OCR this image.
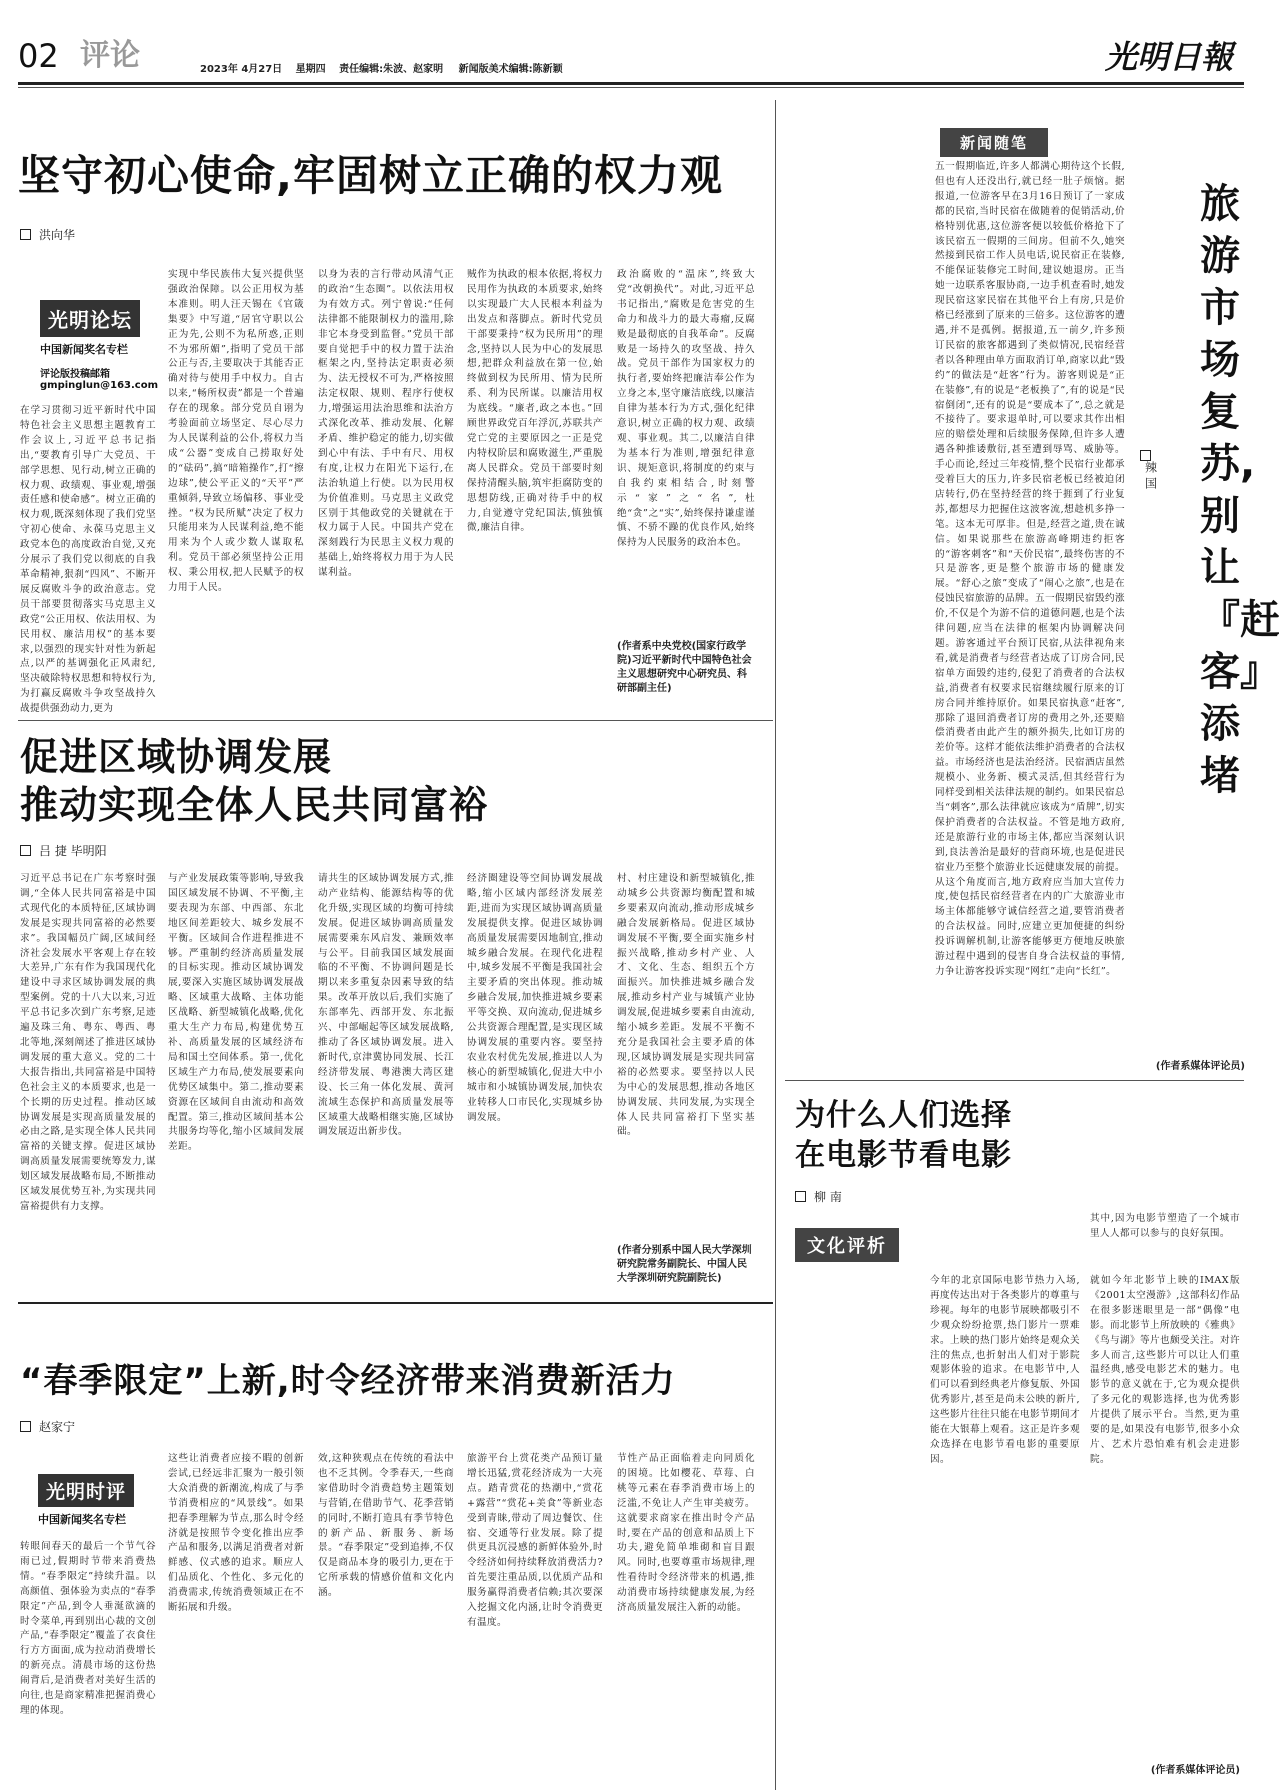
02 评论	2023年 4月27日 星期四 责任编辑:朱波、赵家明 新闻版美术编辑:陈新颖	光明日報
坚守初心使命,牢固树立正确的权力观
洪向华
光明论坛
中国新闻奖名专栏
评论版投稿邮箱
gmpinglun@163.com
在学习贯彻习近平新时代中国特色社会主义思想主题教育工作会议上,习近平总书记指出,“要教育引导广大党员、干部学思想、见行动,树立正确的权力观、政绩观、事业观,增强责任感和使命感”。树立正确的权力观,既深刻体现了我们党坚守初心使命、永葆马克思主义政党本色的高度政治自觉,又充分展示了我们党以彻底的自我革命精神,狠刹“四风”、不断开展反腐败斗争的政治意志。党员干部要贯彻落实马克思主义政党“公正用权、依法用权、为民用权、廉洁用权”的基本要求,以强烈的现实针对性为新起点,以严的基调强化正风肃纪,坚决破除特权思想和特权行为,为打赢反腐败斗争攻坚战持久战提供强劲动力,更为
实现中华民族伟大复兴提供坚强政治保障。以公正用权为基本准则。明人汪天锡在《官箴集要》中写道,“居官守职以公正为先,公则不为私所惑,正则不为邪所媚”,指明了党员干部公正与否,主要取决于其能否正确对待与使用手中权力。自古以来,“畅所权责”都是一个普遍存在的现象。部分党员自诩为考验面前立场坚定、尽心尽力为人民谋利益的公仆,将权力当成“公器”变成自己捞取好处的“砝码”,搞“暗箱操作”,打“擦边球”,使公平正义的“天平”严重倾斜,导致立场偏移、事业受挫。“权为民所赋”决定了权力只能用来为人民谋利益,绝不能用来为个人或少数人谋取私利。党员干部必须坚持公正用权、秉公用权,把人民赋予的权力用于人民。
以身为表的言行带动风清气正的政治“生态圈”。以依法用权为有效方式。列宁曾说:“任何法律都不能限制权力的滥用,除非它本身受到监督。”党员干部要自觉把手中的权力置于法治框架之内,坚持法定职责必须为、法无授权不可为,严格按照法定权限、规则、程序行使权力,增强运用法治思维和法治方式深化改革、推动发展、化解矛盾、维护稳定的能力,切实做到心中有法、手中有尺、用权有度,让权力在阳光下运行,在法治轨道上行使。以为民用权为价值准则。马克思主义政党区别于其他政党的关键就在于权力属于人民。中国共产党在深刻践行为民思主义权力观的基础上,始终将权力用于为人民谋利益。
贼作为执政的根本依据,将权力民用作为执政的本质要求,始终以实现最广大人民根本利益为出发点和落脚点。新时代党员干部要秉持“权为民所用”的理念,坚持以人民为中心的发展思想,把群众利益放在第一位,始终做到权为民所用、情为民所系、利为民所谋。以廉洁用权为底线。“廉者,政之本也。”回顾世界政党百年浮沉,苏联共产党亡党的主要原因之一正是党内特权阶层和腐败滋生,严重脱离人民群众。党员干部要时刻保持清醒头脑,筑牢拒腐防变的思想防线,正确对待手中的权力,自觉遵守党纪国法,慎独慎微,廉洁自律。
政治腐败的“温床”,终致大党“改朝换代”。对此,习近平总书记指出,“腐败是危害党的生命力和战斗力的最大毒瘤,反腐败是最彻底的自我革命”。反腐败是一场持久的攻坚战、持久战。党员干部作为国家权力的执行者,要始终把廉洁奉公作为立身之本,坚守廉洁底线,以廉洁自律为基本行为方式,强化纪律意识,树立正确的权力观、政绩观、事业观。其二,以廉洁自律为基本行为准则,增强纪律意识、规矩意识,将制度的约束与自我约束相结合,时刻警示“家”之“名”,杜绝“贪”之“实”,始终保持谦虚谨慎、不骄不躁的优良作风,始终保持为人民服务的政治本色。
(作者系中央党校(国家行政学院)习近平新时代中国特色社会主义思想研究中心研究员、科研部副主任)
新闻随笔
旅游市场复苏,别让『赶客』添堵
辣 国
五一假期临近,许多人都满心期待这个长假,但也有人还没出行,就已经一肚子烦恼。据报道,一位游客早在3月16日预订了一家成都的民宿,当时民宿在做随着的促销活动,价格特别优惠,这位游客便以较低价格抢下了该民宿五一假期的三间房。但前不久,她突然接到民宿工作人员电话,说民宿正在装修,不能保证装修完工时间,建议她退房。正当她一边联系客服协商,一边手机查看时,她发现民宿这家民宿在其他平台上有房,只是价格已经涨到了原来的三倍多。这位游客的遭遇,并不是孤例。据报道,五一前夕,许多预订民宿的旅客都遇到了类似情况,民宿经营者以各种理由单方面取消订单,商家以此“毁约”的做法是“赶客”行为。游客则说是“正在装修”,有的说是“老板换了”,有的说是“民宿倒闭”,还有的说是“要成本了”,总之就是不接待了。要求退单时,可以要求其作出相应的赔偿处理和后续服务保障,但许多人遭遇各种推诿敷衍,甚至遭到辱骂、威胁等。手心而论,经过三年疫情,整个民宿行业都承受着巨大的压力,许多民宿老板已经被迫闭店转行,仍在坚持经营的终于捱到了行业复苏,都想尽力把握住这波客流,想趁机多挣一笔。这本无可厚非。但是,经营之道,贵在诚信。如果说那些在旅游高峰期违约拒客的“游客刺客”和“天价民宿”,最终伤害的不只是游客,更是整个旅游市场的健康发展。“舒心之旅”变成了“闹心之旅”,也是在侵蚀民宿旅游的品牌。五一假期民宿毁约涨价,不仅是个为游不信的道德问题,也是个法律问题,应当在法律的框架内协调解决问题。游客通过平台预订民宿,从法律视角来看,就是消费者与经营者达成了订房合同,民宿单方面毁约违约,侵犯了消费者的合法权益,消费者有权要求民宿继续履行原来的订房合同并维持原价。如果民宿执意“赶客”,那除了退回消费者订房的费用之外,还要赔偿消费者由此产生的额外损失,比如订房的差价等。这样才能依法维护消费者的合法权益。市场经济也是法治经济。民宿酒店虽然规模小、业务新、模式灵活,但其经营行为同样受到相关法律法规的制约。如果民宿总当“刺客”,那么法律就应该成为“盾牌”,切实保护消费者的合法权益。不管是地方政府,还是旅游行业的市场主体,都应当深刻认识到,良法善治是最好的营商环境,也是促进民宿业乃至整个旅游业长远健康发展的前提。从这个角度而言,地方政府应当加大宣传力度,使包括民宿经营者在内的广大旅游业市场主体都能够守诚信经营之道,要管消费者的合法权益。同时,应建立更加便捷的纠纷投诉调解机制,让游客能够更方便地反映旅游过程中遇到的侵害自身合法权益的事情,力争让游客投诉实现“网红”走向“长红”。
(作者系媒体评论员)
促进区域协调发展
推动实现全体人民共同富裕
吕 捷 毕明阳
习近平总书记在广东考察时强调,“全体人民共同富裕是中国式现代化的本质特征,区域协调发展是实现共同富裕的必然要求”。我国幅员广阔,区域间经济社会发展水平客观上存在较大差异,广东有作为我国现代化建设中寻求区域协调发展的典型案例。党的十八大以来,习近平总书记多次到广东考察,足迹遍及珠三角、粤东、粤西、粤北等地,深刻阐述了推进区域协调发展的重大意义。党的二十大报告指出,共同富裕是中国特色社会主义的本质要求,也是一个长期的历史过程。推动区域协调发展是实现高质量发展的必由之路,是实现全体人民共同富裕的关键支撑。促进区域协调高质量发展需要统筹发力,谋划区域发展战略布局,不断推动区域发展优势互补,为实现共同富裕提供有力支撑。
与产业发展政策等影响,导致我国区域发展不协调、不平衡,主要表现为东部、中西部、东北地区间差距较大、城乡发展不平衡。区域间合作进程推进不够。严重制约经济高质量发展的目标实现。推动区域协调发展,要深入实施区域协调发展战略、区域重大战略、主体功能区战略、新型城镇化战略,优化重大生产力布局,构建优势互补、高质量发展的区域经济布局和国土空间体系。第一,优化区域生产力布局,使发展要素向优势区域集中。第二,推动要素资源在区域间自由流动和高效配置。第三,推动区域间基本公共服务均等化,缩小区域间发展差距。
请共生的区域协调发展方式,推动产业结构、能源结构等的优化升级,实现区域的均衡可持续发展。促进区域协调高质量发展需要乘东风启发、兼顾效率与公平。目前我国区域发展面临的不平衡、不协调问题是长期以来多重复杂因素导致的结果。改革开放以后,我们实施了东部率先、西部开发、东北振兴、中部崛起等区域发展战略,推动了各区域协调发展。进入新时代,京津冀协同发展、长江经济带发展、粤港澳大湾区建设、长三角一体化发展、黄河流域生态保护和高质量发展等区域重大战略相继实施,区域协调发展迈出新步伐。
经济圈建设等空间协调发展战略,缩小区域内部经济发展差距,进而为实现区域协调高质量发展提供支撑。促进区域协调高质量发展需要因地制宜,推动城乡融合发展。在现代化进程中,城乡发展不平衡是我国社会主要矛盾的突出体现。推动城乡融合发展,加快推进城乡要素平等交换、双向流动,促进城乡公共资源合理配置,是实现区域协调发展的重要内容。要坚持农业农村优先发展,推进以人为核心的新型城镇化,促进大中小城市和小城镇协调发展,加快农业转移人口市民化,实现城乡协调发展。
村、村庄建设和新型城镇化,推动城乡公共资源均衡配置和城乡要素双向流动,推动形成城乡融合发展新格局。促进区域协调发展不平衡,要全面实施乡村振兴战略,推动乡村产业、人才、文化、生态、组织五个方面振兴。加快推进城乡融合发展,推动乡村产业与城镇产业协调发展,促进城乡要素自由流动,缩小城乡差距。发展不平衡不充分是我国社会主要矛盾的体现,区域协调发展是实现共同富裕的必然要求。要坚持以人民为中心的发展思想,推动各地区协调发展、共同发展,为实现全体人民共同富裕打下坚实基础。
(作者分别系中国人民大学深圳研究院常务副院长、中国人民大学深圳研究院副院长)
为什么人们选择
在电影节看电影
柳 南
文化评析
其中,因为电影节塑造了一个城市里人人都可以参与的良好氛围。
今年的北京国际电影节热力入场,再度传达出对于各类影片的尊重与珍视。每年的电影节展映都吸引不少观众纷纷抢票,热门影片一票难求。上映的热门影片始终是观众关注的焦点,也折射出人们对于影院观影体验的追求。在电影节中,人们可以看到经典老片修复版、外国优秀影片,甚至是尚未公映的新片,这些影片往往只能在电影节期间才能在大银幕上观看。这正是许多观众选择在电影节看电影的重要原因。
就如今年北影节上映的IMAX版《2001太空漫游》,这部科幻作品在很多影迷眼里是一部“偶像”电影。而北影节上所放映的《雅典》《鸟与湖》等片也颇受关注。对许多人而言,这些影片可以让人们重温经典,感受电影艺术的魅力。电影节的意义就在于,它为观众提供了多元化的观影选择,也为优秀影片提供了展示平台。当然,更为重要的是,如果没有电影节,很多小众片、艺术片恐怕难有机会走进影院。
(作者系媒体评论员)
“春季限定”上新,时令经济带来消费新活力
赵家宁
光明时评
中国新闻奖名专栏
转眼间春天的最后一个节气谷雨已过,假期时节带来消费热情。“春季限定”持续升温。以高颜值、强体验为卖点的“春季限定”产品,到令人垂涎欲滴的时令菜单,再到别出心裁的文创产品,“春季限定”覆盖了衣食住行方方面面,成为拉动消费增长的新亮点。清晨市场的这份热闹背后,是消费者对美好生活的向往,也是商家精准把握消费心理的体现。
这些让消费者应接不暇的创新尝试,已经远非汇聚为一般引领大众消费的新潮流,构成了与季节消费相应的“风景线”。如果把春季理解为节点,那么时令经济就是按照节令变化推出应季产品和服务,以满足消费者对新鲜感、仪式感的追求。顺应人们品质化、个性化、多元化的消费需求,传统消费领域正在不断拓展和升级。
效,这种狭观点在传统的看法中也不乏其例。令季春天,一些商家借助时令消费趋势主题策划与营销,在借助节气、花季营销的同时,不断打造具有季节特色的新产品、新服务、新场景。“春季限定”受到追捧,不仅仅是商品本身的吸引力,更在于它所承载的情感价值和文化内涵。
旅游平台上赏花类产品预订量增长迅猛,赏花经济成为一大亮点。踏青赏花的热潮中,“赏花+露营”“赏花+美食”等新业态受到青睐,带动了周边餐饮、住宿、交通等行业发展。除了提供更具沉浸感的新鲜体验外,时令经济如何持续释放消费活力?首先要注重品质,以优质产品和服务赢得消费者信赖;其次要深入挖掘文化内涵,让时令消费更有温度。
节性产品正面临着走向同质化的困境。比如樱花、草莓、白桃等元素在春季消费市场上的泛滥,不免让人产生审美疲劳。这就要求商家在推出时令产品时,要在产品的创意和品质上下功夫,避免简单堆砌和盲目跟风。同时,也要尊重市场规律,理性看待时令经济带来的机遇,推动消费市场持续健康发展,为经济高质量发展注入新的动能。
